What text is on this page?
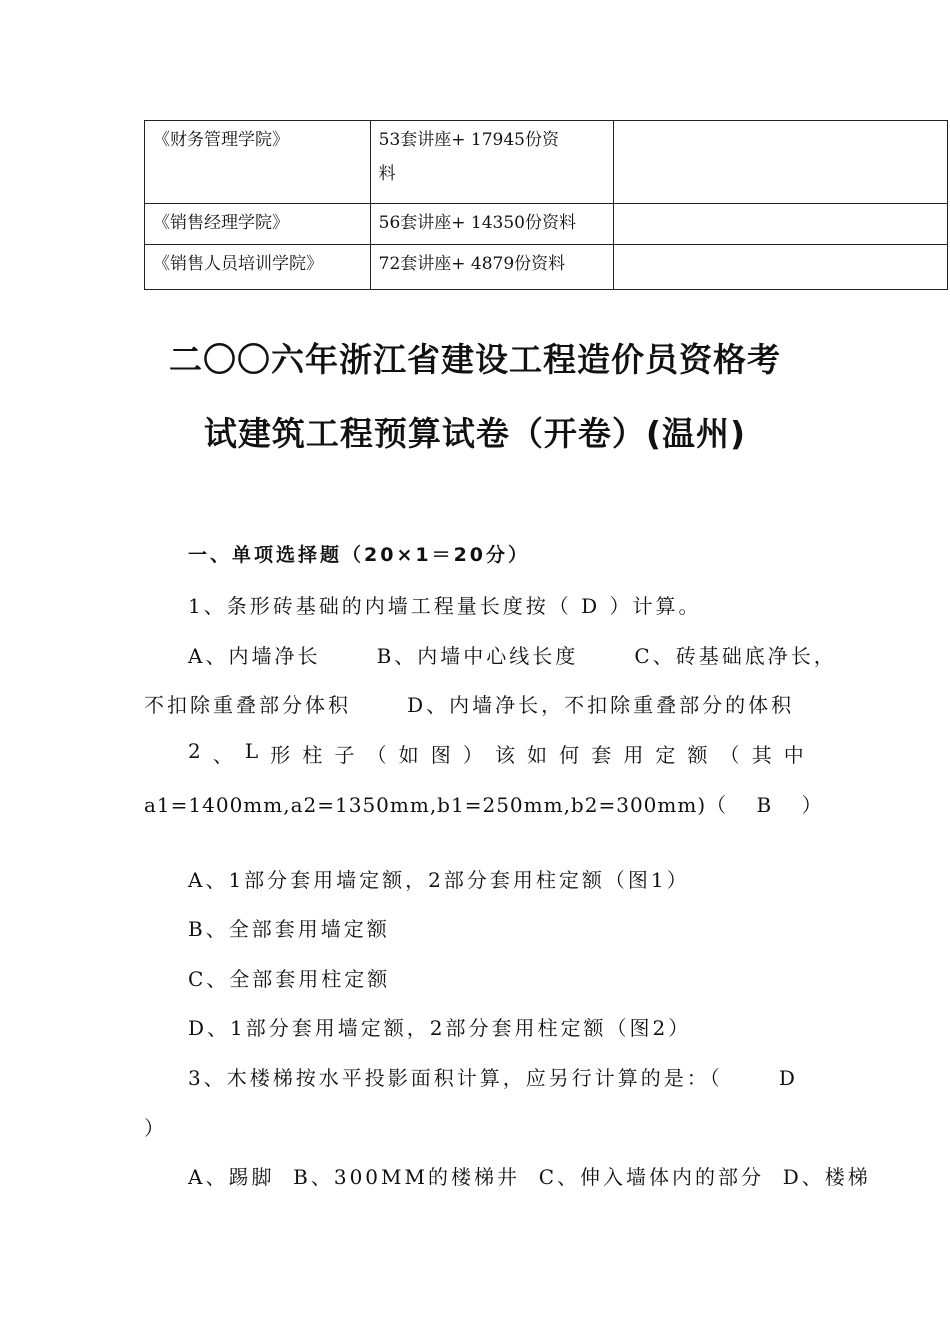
《财务管理学院》	53套讲座+ 17945份资
料	

《销售经理学院》	56套讲座+ 14350份资料	
《销售人员培训学院》	72套讲座+ 4879份资料	
二〇〇六年浙江省建设工程造价员资格考
试建筑工程预算试卷（开卷）(温州)
一、单项选择题（20×1＝20分）
1、条形砖基础的内墙工程量长度按（ D ）计算。
A、内墙净长      B、内墙中心线长度      C、砖基础底净长，
不扣除重叠部分体积      D、内墙净长，不扣除重叠部分的体积
2 、 L 形 柱 子 （ 如 图 ） 该 如 何 套 用 定 额 （ 其 中
a1=1400mm,a2=1350mm,b1=250mm,b2=300mm)（    B    ）
A、1部分套用墙定额，2部分套用柱定额（图1）
B、全部套用墙定额
C、全部套用柱定额
D、1部分套用墙定额，2部分套用柱定额（图2）
3、木楼梯按水平投影面积计算，应另行计算的是：（      D
）
A、踢脚  B、300MM的楼梯井  C、伸入墙体内的部分  D、楼梯
